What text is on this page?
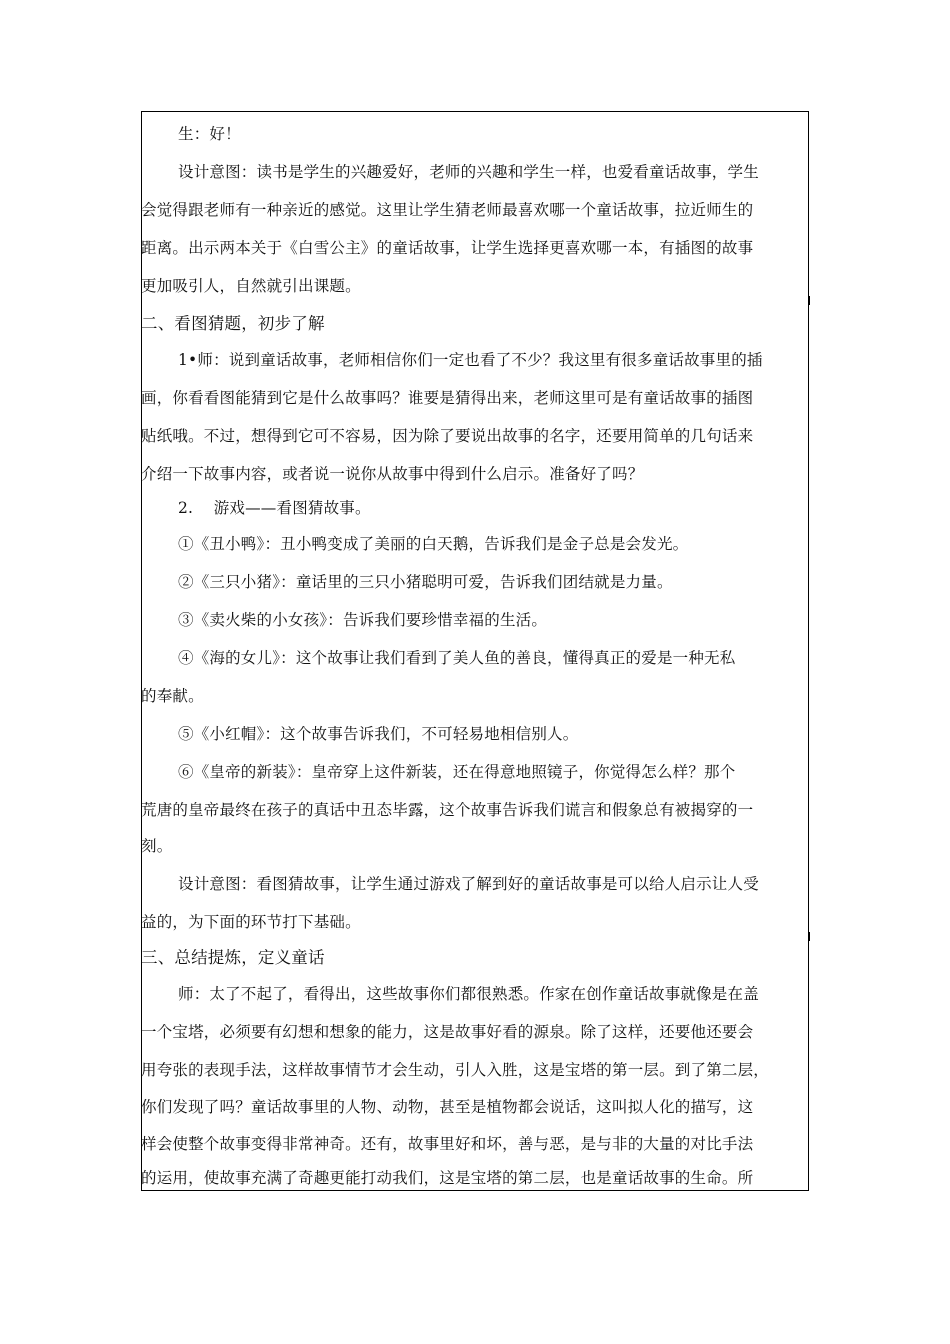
生：好！
设计意图：读书是学生的兴趣爱好，老师的兴趣和学生一样，也爱看童话故事，学生
会觉得跟老师有一种亲近的感觉。这里让学生猜老师最喜欢哪一个童话故事，拉近师生的
距离。出示两本关于《白雪公主》的童话故事，让学生选择更喜欢哪一本，有插图的故事
更加吸引人，自然就引出课题。
二、看图猜题，初步了解
1•师：说到童话故事，老师相信你们一定也看了不少？我这里有很多童话故事里的插
画，你看看图能猜到它是什么故事吗？谁要是猜得出来，老师这里可是有童话故事的插图
贴纸哦。不过，想得到它可不容易，因为除了要说出故事的名字，还要用简单的几句话来
介绍一下故事内容，或者说一说你从故事中得到什么启示。准备好了吗？
2.    游戏——看图猜故事。
①《丑小鸭》：丑小鸭变成了美丽的白天鹅，告诉我们是金子总是会发光。
②《三只小猪》：童话里的三只小猪聪明可爱，告诉我们团结就是力量。
③《卖火柴的小女孩》：告诉我们要珍惜幸福的生活。
④《海的女儿》：这个故事让我们看到了美人鱼的善良，懂得真正的爱是一种无私
的奉献。
⑤《小红帽》：这个故事告诉我们，不可轻易地相信别人。
⑥《皇帝的新装》：皇帝穿上这件新装，还在得意地照镜子，你觉得怎么样？那个
荒唐的皇帝最终在孩子的真话中丑态毕露，这个故事告诉我们谎言和假象总有被揭穿的一
刻。
设计意图：看图猜故事，让学生通过游戏了解到好的童话故事是可以给人启示让人受
益的，为下面的环节打下基础。
三、总结提炼，定义童话
师：太了不起了，看得出，这些故事你们都很熟悉。作家在创作童话故事就像是在盖
一个宝塔，必须要有幻想和想象的能力，这是故事好看的源泉。除了这样，还要他还要会
用夸张的表现手法，这样故事情节才会生动，引人入胜，这是宝塔的第一层。到了第二层，
你们发现了吗？童话故事里的人物、动物，甚至是植物都会说话，这叫拟人化的描写，这
样会使整个故事变得非常神奇。还有，故事里好和坏，善与恶，是与非的大量的对比手法
的运用，使故事充满了奇趣更能打动我们，这是宝塔的第二层，也是童话故事的生命。所
